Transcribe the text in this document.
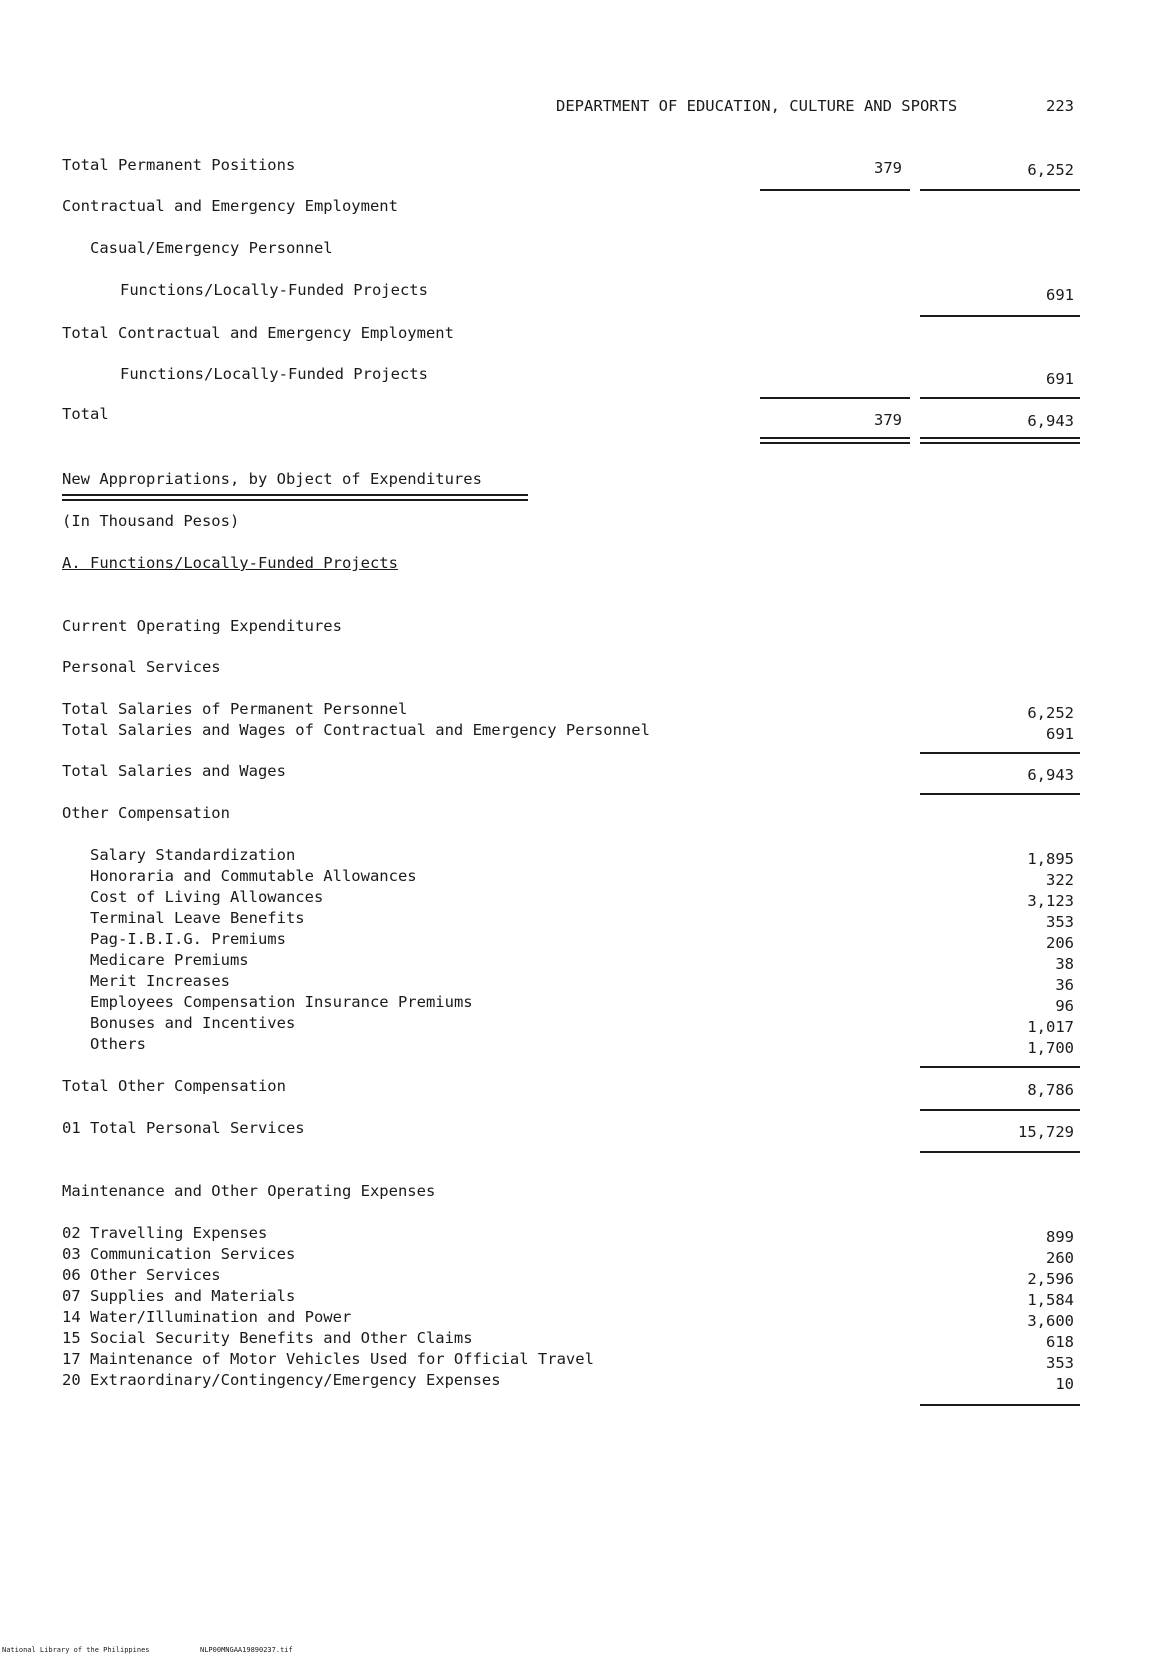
DEPARTMENT OF EDUCATION, CULTURE AND SPORTS	223
Total Permanent Positions	379	6,252
Contractual and Emergency Employment
Casual/Emergency Personnel
Functions/Locally-Funded Projects	691
Total Contractual and Emergency Employment
Functions/Locally-Funded Projects	691
Total	379	6,943
New Appropriations, by Object of Expenditures
(In Thousand Pesos)
A. Functions/Locally-Funded Projects
Current Operating Expenditures
Personal Services
Total Salaries of Permanent Personnel	6,252
Total Salaries and Wages of Contractual and Emergency Personnel	691
Total Salaries and Wages	6,943
Other Compensation
Salary Standardization	1,895
Honoraria and Commutable Allowances	322
Cost of Living Allowances	3,123
Terminal Leave Benefits	353
Pag-I.B.I.G. Premiums	206
Medicare Premiums	38
Merit Increases	36
Employees Compensation Insurance Premiums	96
Bonuses and Incentives	1,017
Others	1,700
Total Other Compensation	8,786
01 Total Personal Services	15,729
Maintenance and Other Operating Expenses
02 Travelling Expenses	899
03 Communication Services	260
06 Other Services	2,596
07 Supplies and Materials	1,584
14 Water/Illumination and Power	3,600
15 Social Security Benefits and Other Claims	618
17 Maintenance of Motor Vehicles Used for Official Travel	353
20 Extraordinary/Contingency/Emergency Expenses	10
National Library of the Philippines	NLP00MNGAA19890237.tif
